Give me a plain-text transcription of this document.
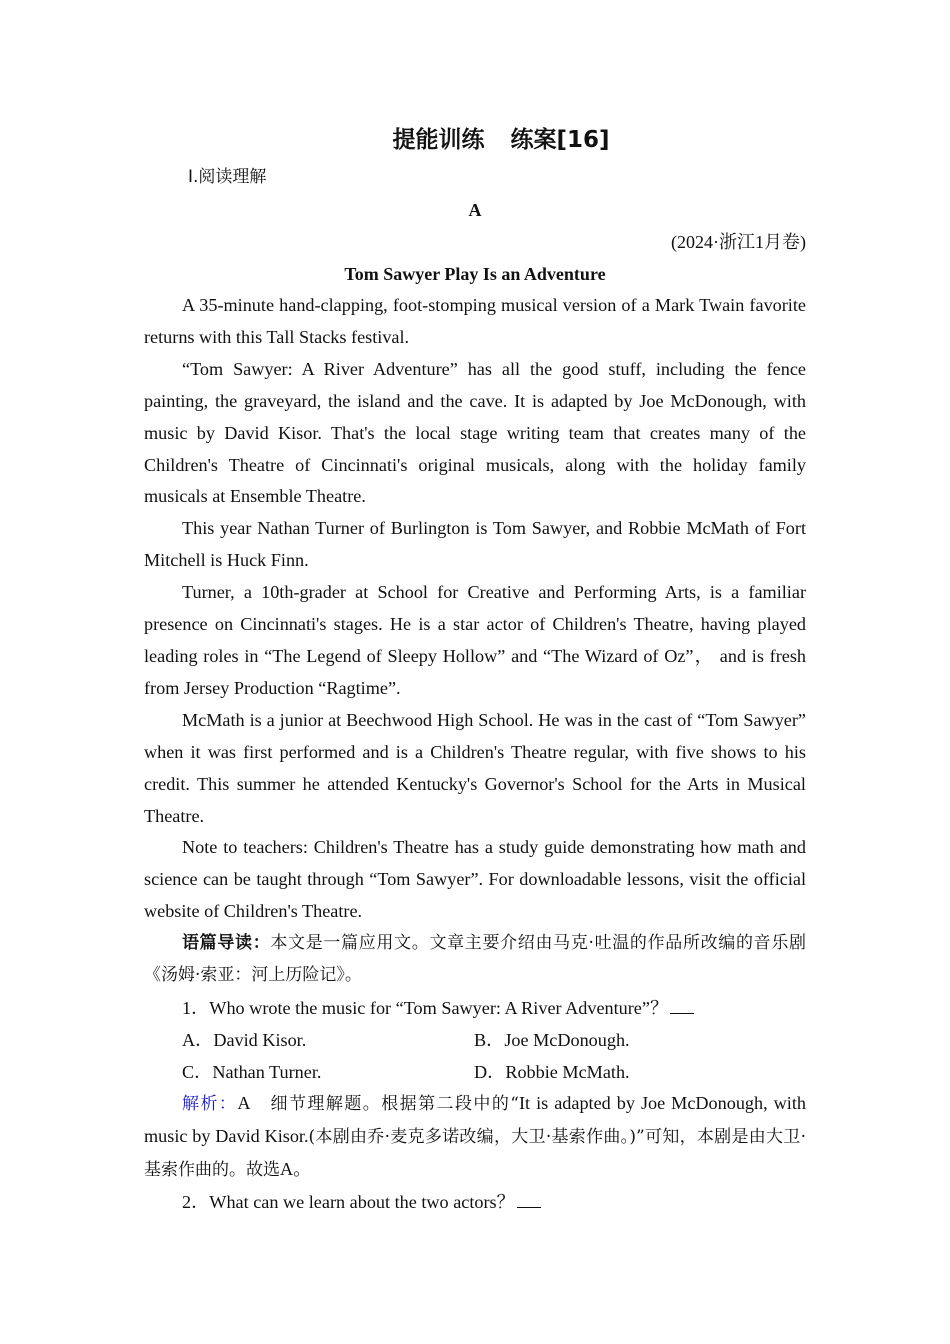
提能训练 练案[16]
Ⅰ.阅读理解
A
(2024·浙江1月卷)
Tom Sawyer Play Is an Adventure

A 35-minute hand-clapping, foot-stomping musical version of a Mark Twain favorite returns with this Tall Stacks festival.

“Tom Sawyer: A River Adventure” has all the good stuff, including the fence painting, the graveyard, the island and the cave. It is adapted by Joe McDonough, with music by David Kisor. That's the local stage writing team that creates many of the Children's Theatre of Cincinnati's original musicals, along with the holiday family musicals at Ensemble Theatre.

This year Nathan Turner of Burlington is Tom Sawyer, and Robbie McMath of Fort Mitchell is Huck Finn.

Turner, a 10th-grader at School for Creative and Performing Arts, is a familiar presence on Cincinnati's stages. He is a star actor of Children's Theatre, having played leading roles in “The Legend of Sleepy Hollow” and “The Wizard of Oz”， and is fresh from Jersey Production “Ragtime”.

McMath is a junior at Beechwood High School. He was in the cast of “Tom Sawyer” when it was first performed and is a Children's Theatre regular, with five shows to his credit. This summer he attended Kentucky's Governor's School for the Arts in Musical Theatre.

Note to teachers: Children's Theatre has a study guide demonstrating how math and science can be taught through “Tom Sawyer”. For downloadable lessons, visit the official website of Children's Theatre.

语篇导读：本文是一篇应用文。文章主要介绍由马克·吐温的作品所改编的音乐剧《汤姆·索亚：河上历险记》。

1．Who wrote the music for “Tom Sawyer: A River Adventure”？

A．David Kisor.	B．Joe McDonough.
C．Nathan Turner.	D．Robbie McMath.

解析：A　 细节理解题。根据第二段中的“It is adapted by Joe McDonough, with music by David Kisor.(本剧由乔·麦克多诺改编，大卫·基索作曲。)”可知，本剧是由大卫·基索作曲的。故选A。

2．What can we learn about the two actors？
